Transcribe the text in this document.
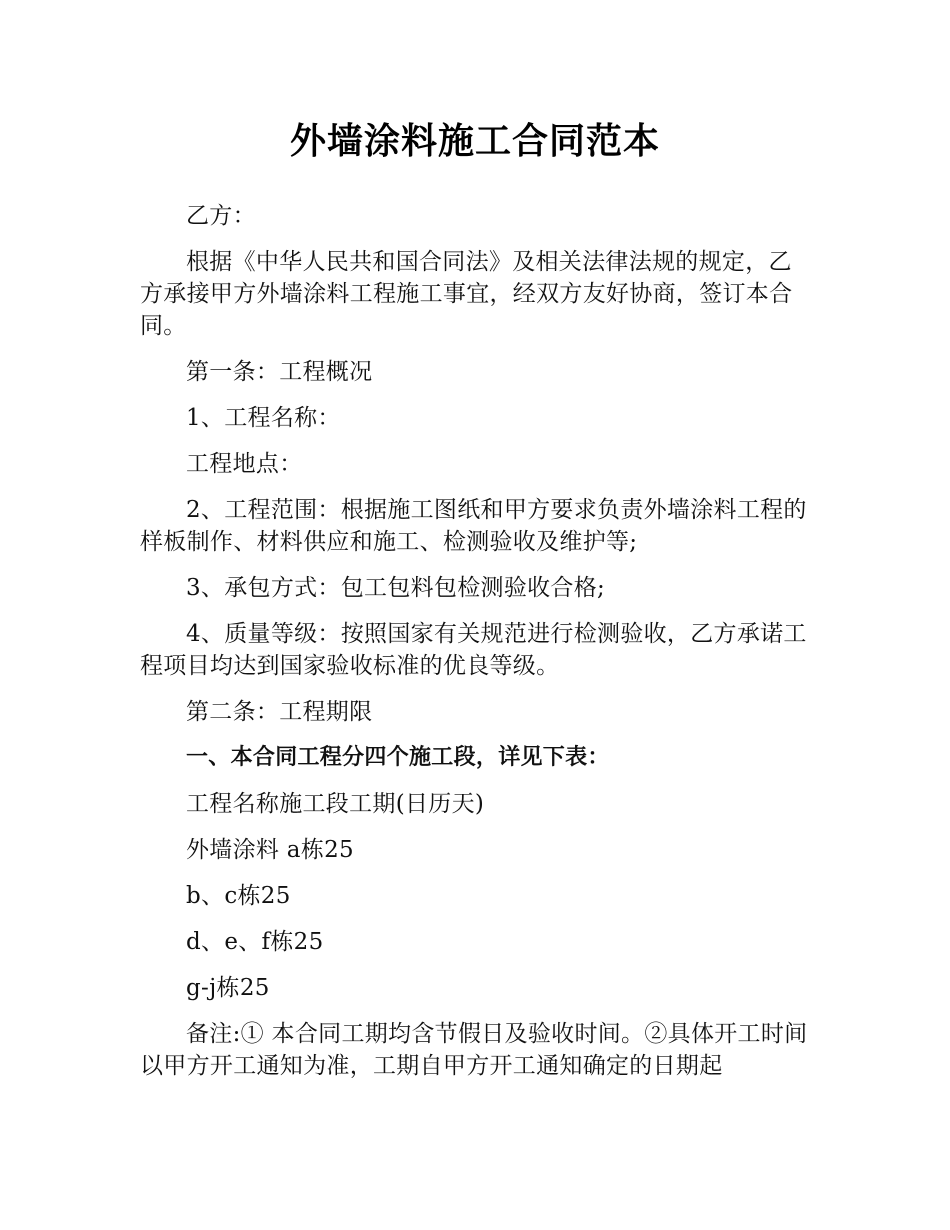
外墙涂料施工合同范本

乙方：

根据《中华人民共和国合同法》及相关法律法规的规定，乙方承接甲方外墙涂料工程施工事宜，经双方友好协商，签订本合同。

第一条：工程概况

1、工程名称：

工程地点：

2、工程范围：根据施工图纸和甲方要求负责外墙涂料工程的样板制作、材料供应和施工、检测验收及维护等;

3、承包方式：包工包料包检测验收合格;

4、质量等级：按照国家有关规范进行检测验收，乙方承诺工程项目均达到国家验收标准的优良等级。

第二条：工程期限

一、本合同工程分四个施工段，详见下表：

工程名称施工段工期(日历天)

外墙涂料 a栋25

b、c栋25

d、e、f栋25

g-j栋25

备注:① 本合同工期均含节假日及验收时间。②具体开工时间以甲方开工通知为准，工期自甲方开工通知确定的日期起
